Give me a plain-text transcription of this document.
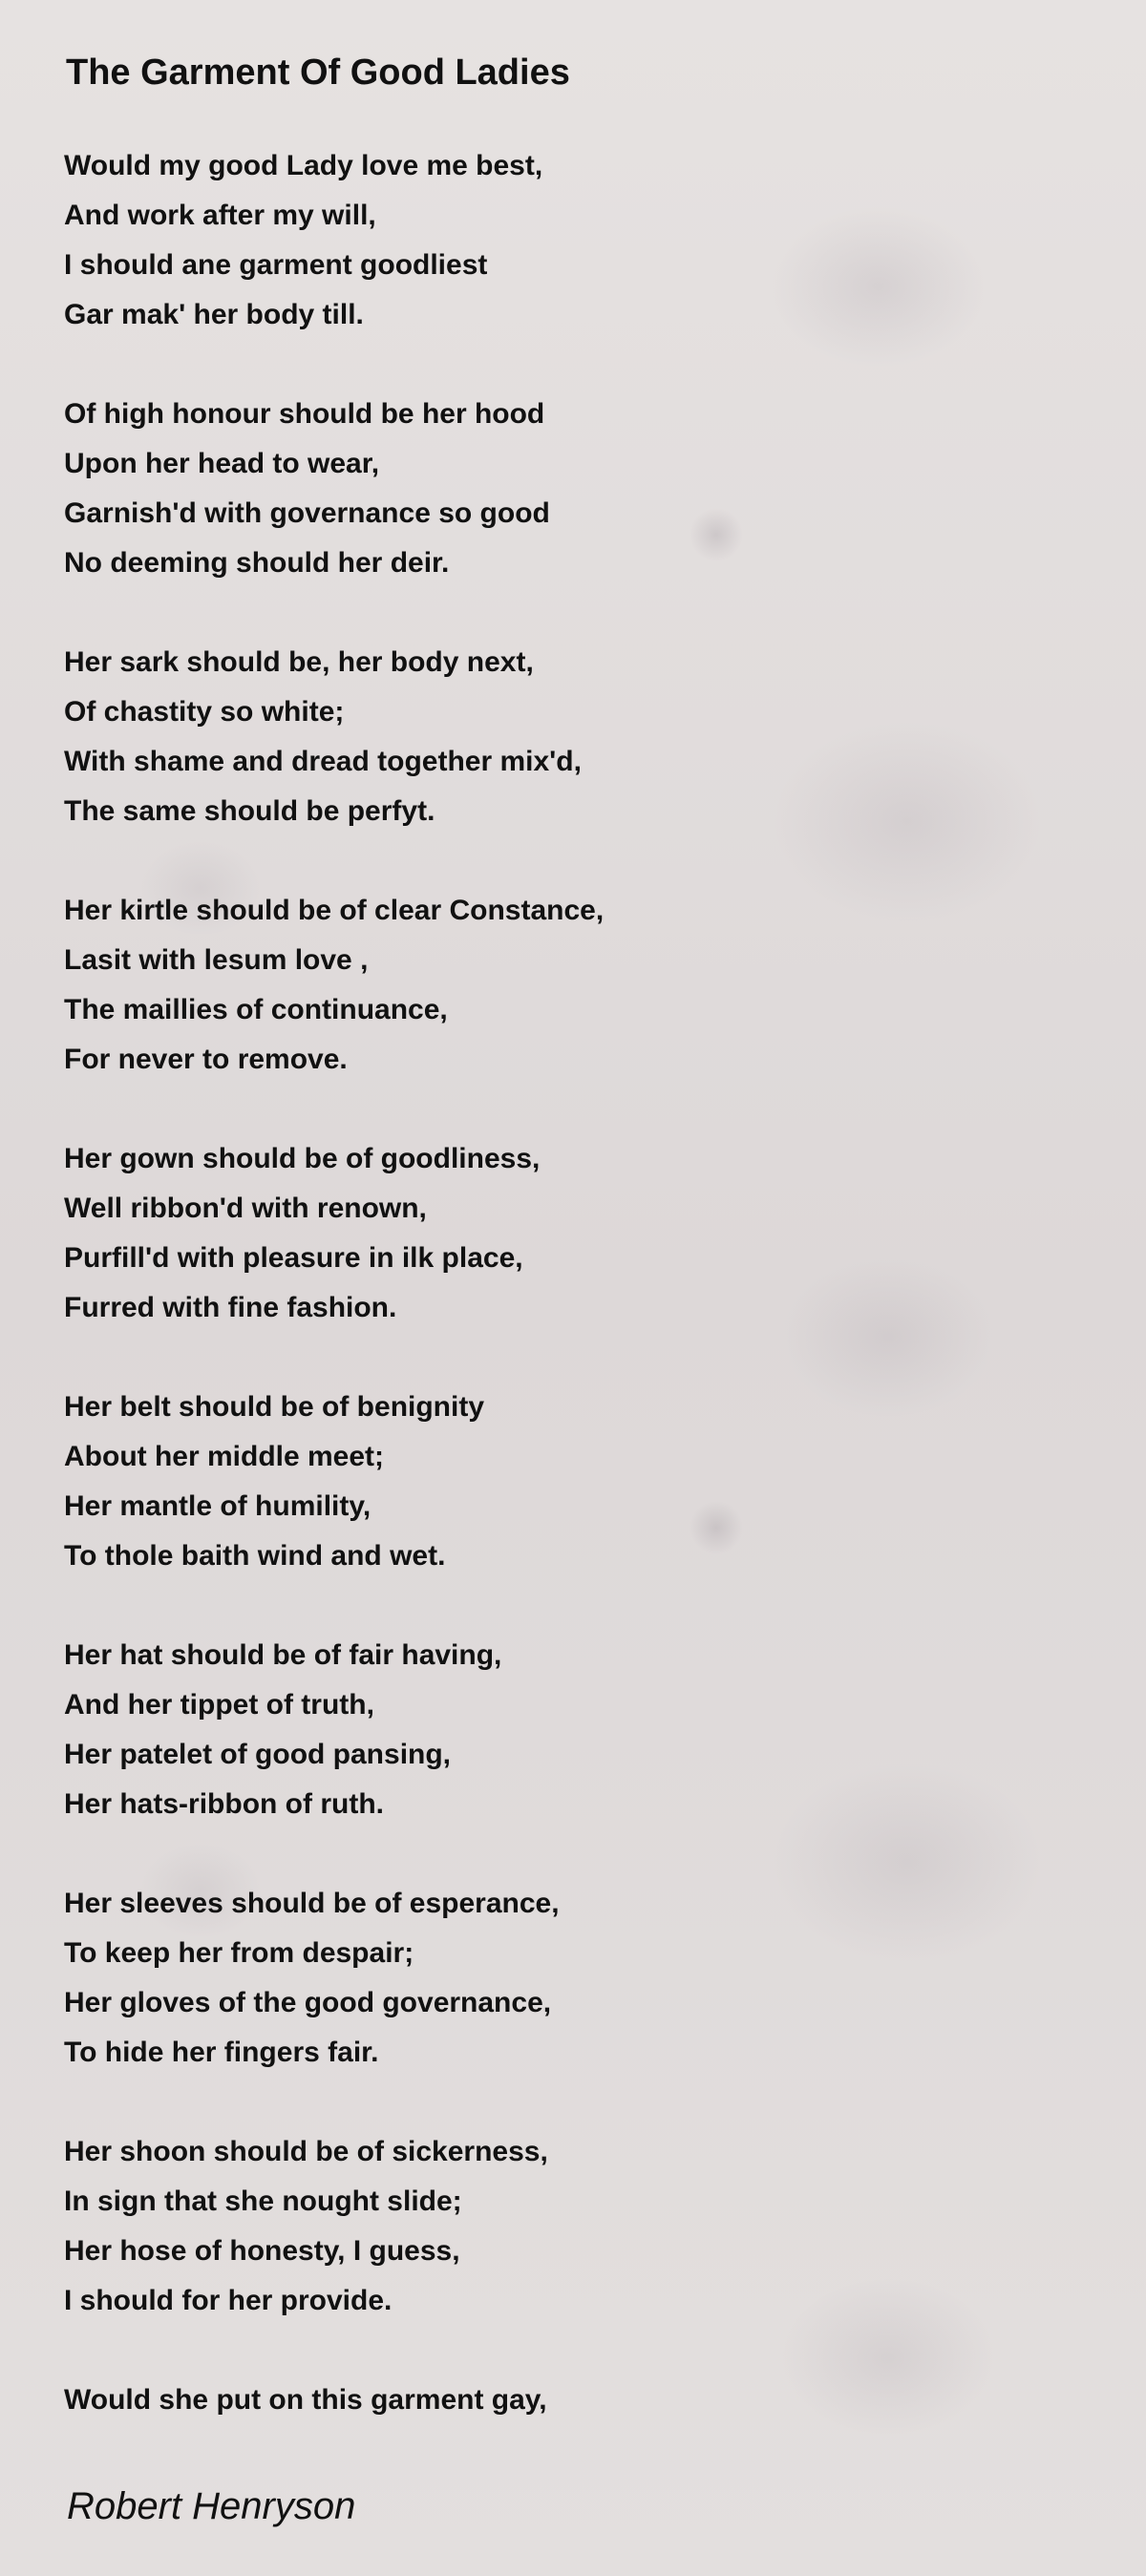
The Garment Of Good Ladies
Would my good Lady love me best,
And work after my will,
I should ane garment goodliest
Gar mak' her body till.
Of high honour should be her hood
Upon her head to wear,
Garnish'd with governance so good
No deeming should her deir.
Her sark should be, her body next,
Of chastity so white;
With shame and dread together mix'd,
The same should be perfyt.
Her kirtle should be of clear Constance,
Lasit with lesum love ,
The maillies of continuance,
For never to remove.
Her gown should be of goodliness,
Well ribbon'd with renown,
Purfill'd with pleasure in ilk place,
Furred with fine fashion.
Her belt should be of benignity
About her middle meet;
Her mantle of humility,
To thole baith wind and wet.
Her hat should be of fair having,
And her tippet of truth,
Her patelet of good pansing,
Her hats-ribbon of ruth.
Her sleeves should be of esperance,
To keep her from despair;
Her gloves of the good governance,
To hide her fingers fair.
Her shoon should be of sickerness,
In sign that she nought slide;
Her hose of honesty, I guess,
I should for her provide.
Would she put on this garment gay,

Robert Henryson
